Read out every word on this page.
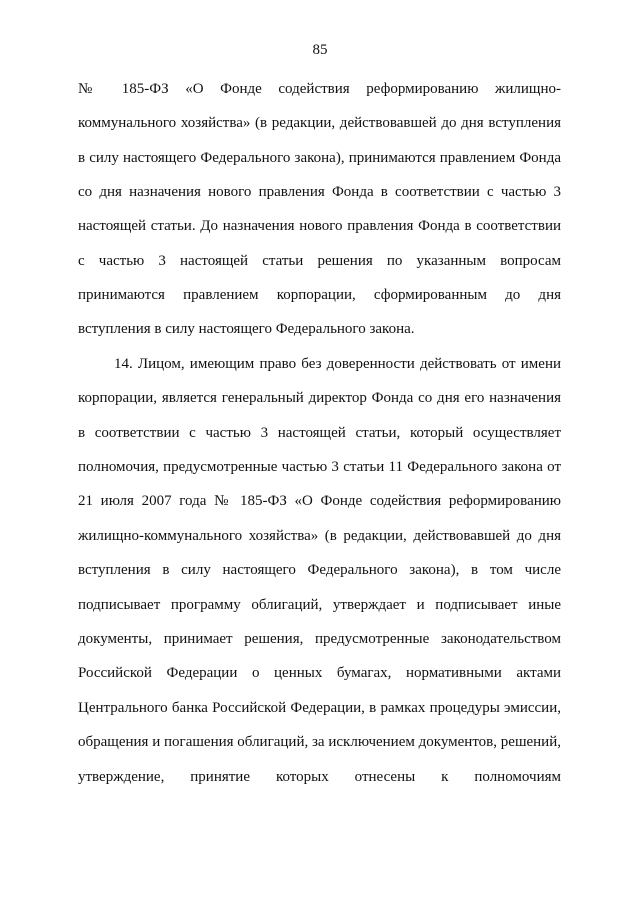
85
№ 185-ФЗ «О Фонде содействия реформированию жилищно-
коммунального хозяйства» (в редакции, действовавшей до дня вступления
в силу настоящего Федерального закона), принимаются правлением Фонда
со дня назначения нового правления Фонда в соответствии с частью 3
настоящей статьи. До назначения нового правления Фонда в соответствии
с частью 3 настоящей статьи решения по указанным вопросам
принимаются правлением корпорации, сформированным до дня
вступления в силу настоящего Федерального закона.
14. Лицом, имеющим право без доверенности действовать от имени
корпорации, является генеральный директор Фонда со дня его назначения
в соответствии с частью 3 настоящей статьи, который осуществляет
полномочия, предусмотренные частью 3 статьи 11 Федерального закона от
21 июля 2007 года № 185-ФЗ «О Фонде содействия реформированию
жилищно-коммунального хозяйства» (в редакции, действовавшей до дня
вступления в силу настоящего Федерального закона), в том числе
подписывает программу облигаций, утверждает и подписывает иные
документы, принимает решения, предусмотренные законодательством
Российской Федерации о ценных бумагах, нормативными актами
Центрального банка Российской Федерации, в рамках процедуры эмиссии,
обращения и погашения облигаций, за исключением документов, решений,
утверждение, принятие которых отнесены к полномочиям
